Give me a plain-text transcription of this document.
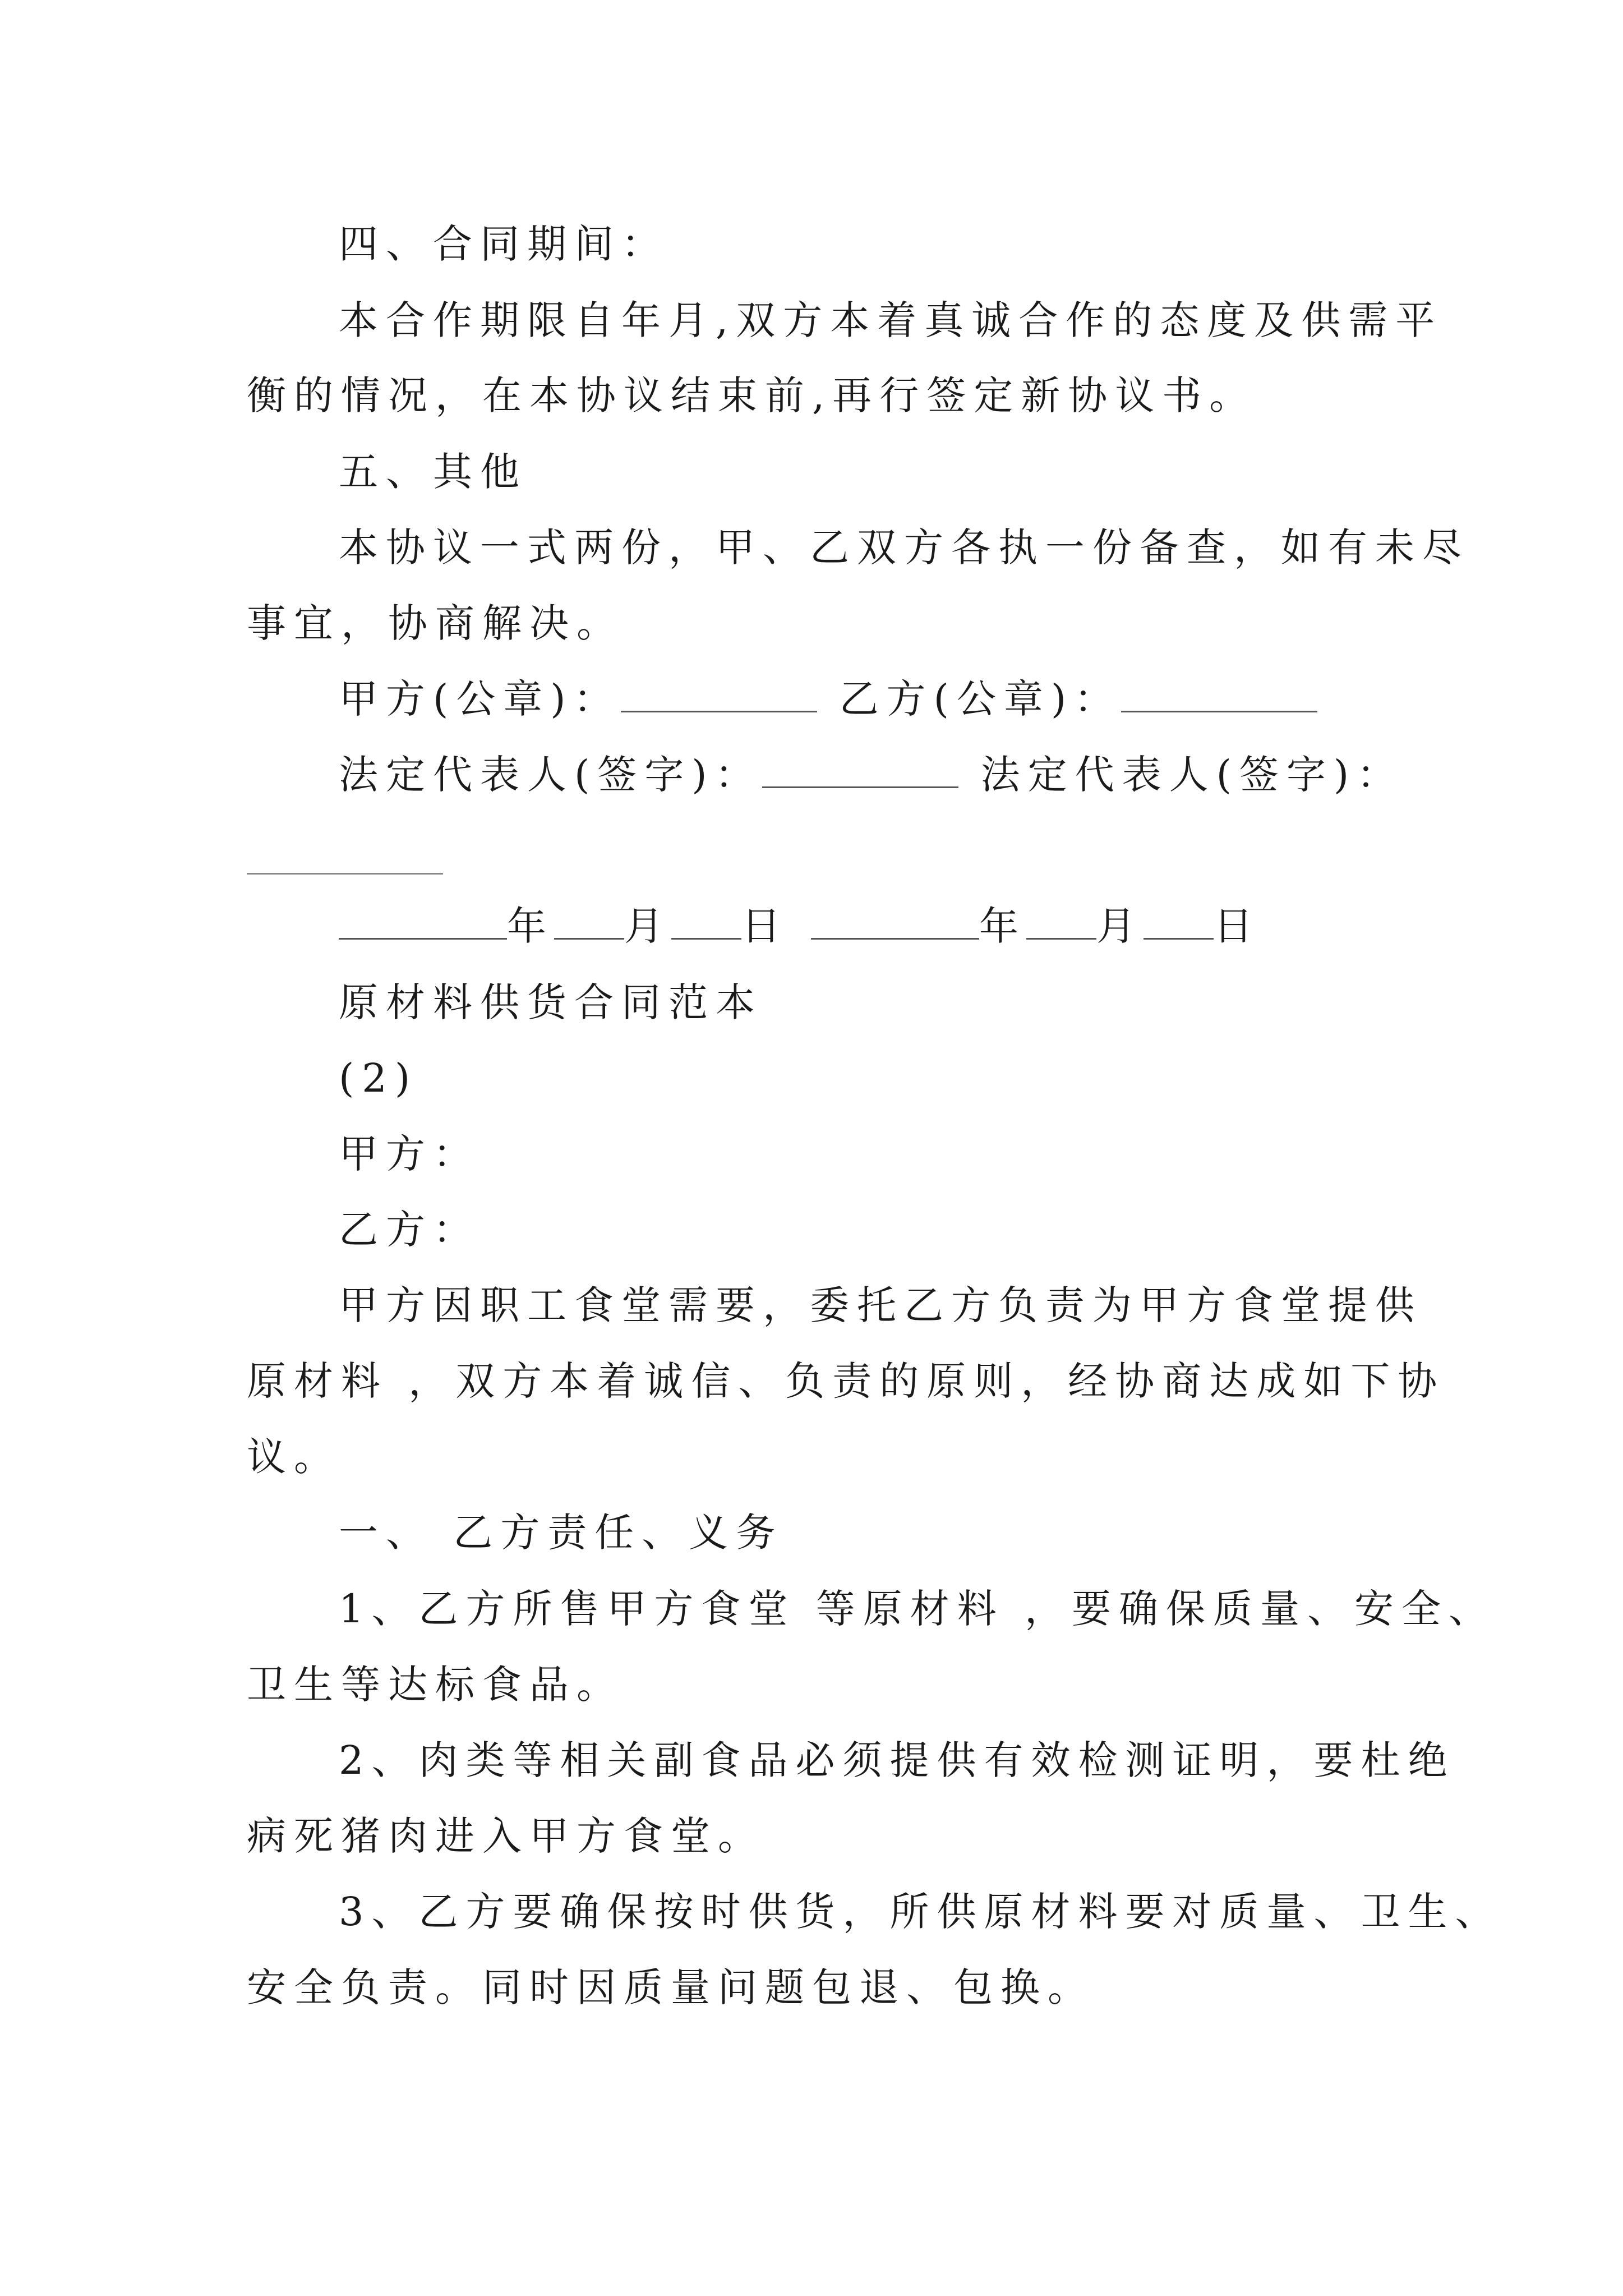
四、合同期间：
本合作期限自年月,双方本着真诚合作的态度及供需平
衡的情况，在本协议结束前,再行签定新协议书。
五、其他
本协议一式两份，甲、乙双方各执一份备查，如有未尽
事宜，协商解决。
甲方(公章)：	乙方(公章)：
法定代表人(签字)：	法定代表人(签字)：
年 月 日	年 月 日
原材料供货合同范本
(2)
甲方：
乙方：
甲方因职工食堂需要，委托乙方负责为甲方食堂提供
原材料 ，双方本着诚信、负责的原则，经协商达成如下协
议。
一、 乙方责任、义务
1、乙方所售甲方食堂 等原材料 ，要确保质量、安全、
卫生等达标食品。
2、肉类等相关副食品必须提供有效检测证明，要杜绝
病死猪肉进入甲方食堂。
3、乙方要确保按时供货，所供原材料要对质量、卫生、
安全负责。同时因质量问题包退、包换。
